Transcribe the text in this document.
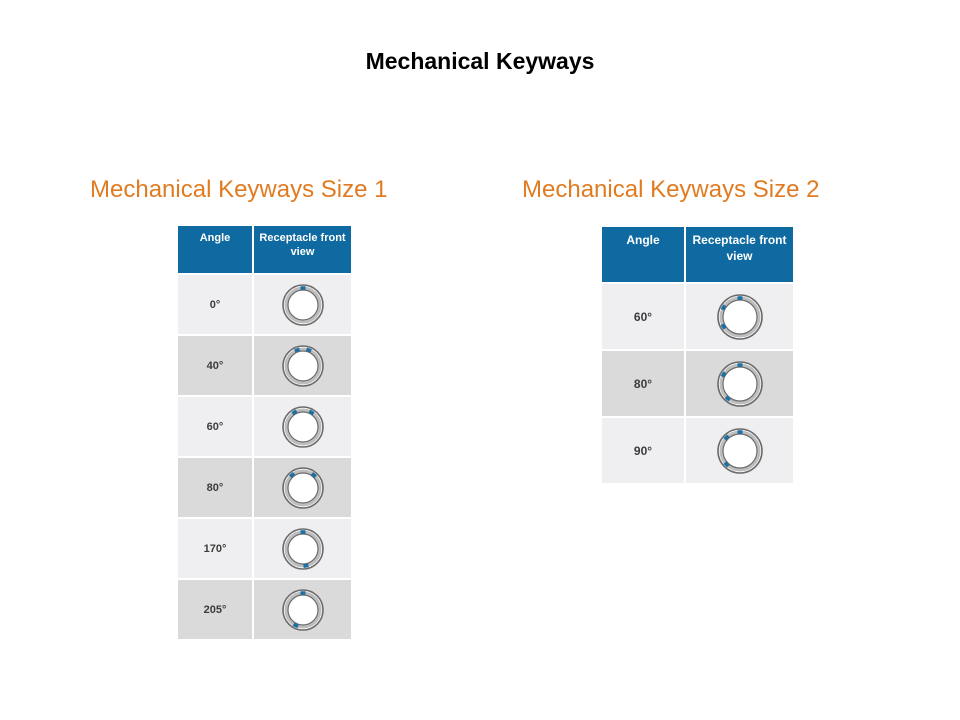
Mechanical Keyways
Mechanical Keyways Size 1	Mechanical Keyways Size 2
Angle	Receptacle front view
0°	

40°	

60°	

80°	

170°	

205°	
Angle	Receptacle front view
60°	

80°	

90°	
